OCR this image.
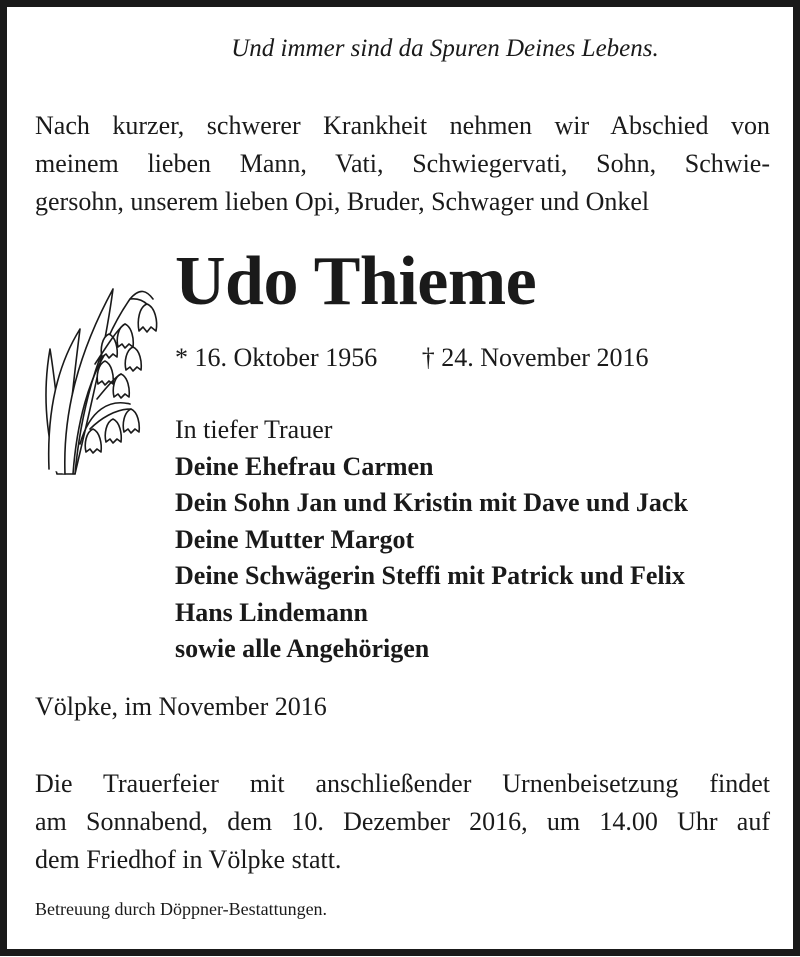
Und immer sind da Spuren Deines Lebens.
Nach kurzer, schwerer Krankheit nehmen wir Abschied von
meinem lieben Mann, Vati, Schwiegervati, Sohn, Schwie-
gersohn, unserem lieben Opi, Bruder, Schwager und Onkel
Udo Thieme
* 16. Oktober 1956 † 24. November 2016
In tiefer Trauer
Deine Ehefrau Carmen
Dein Sohn Jan und Kristin mit Dave und Jack
Deine Mutter Margot
Deine Schwägerin Steffi mit Patrick und Felix
Hans Lindemann
sowie alle Angehörigen
Völpke, im November 2016
Die Trauerfeier mit anschließender Urnenbeisetzung findet
am Sonnabend, dem 10. Dezember 2016, um 14.00 Uhr auf
dem Friedhof in Völpke statt.
Betreuung durch Döppner-Bestattungen.
